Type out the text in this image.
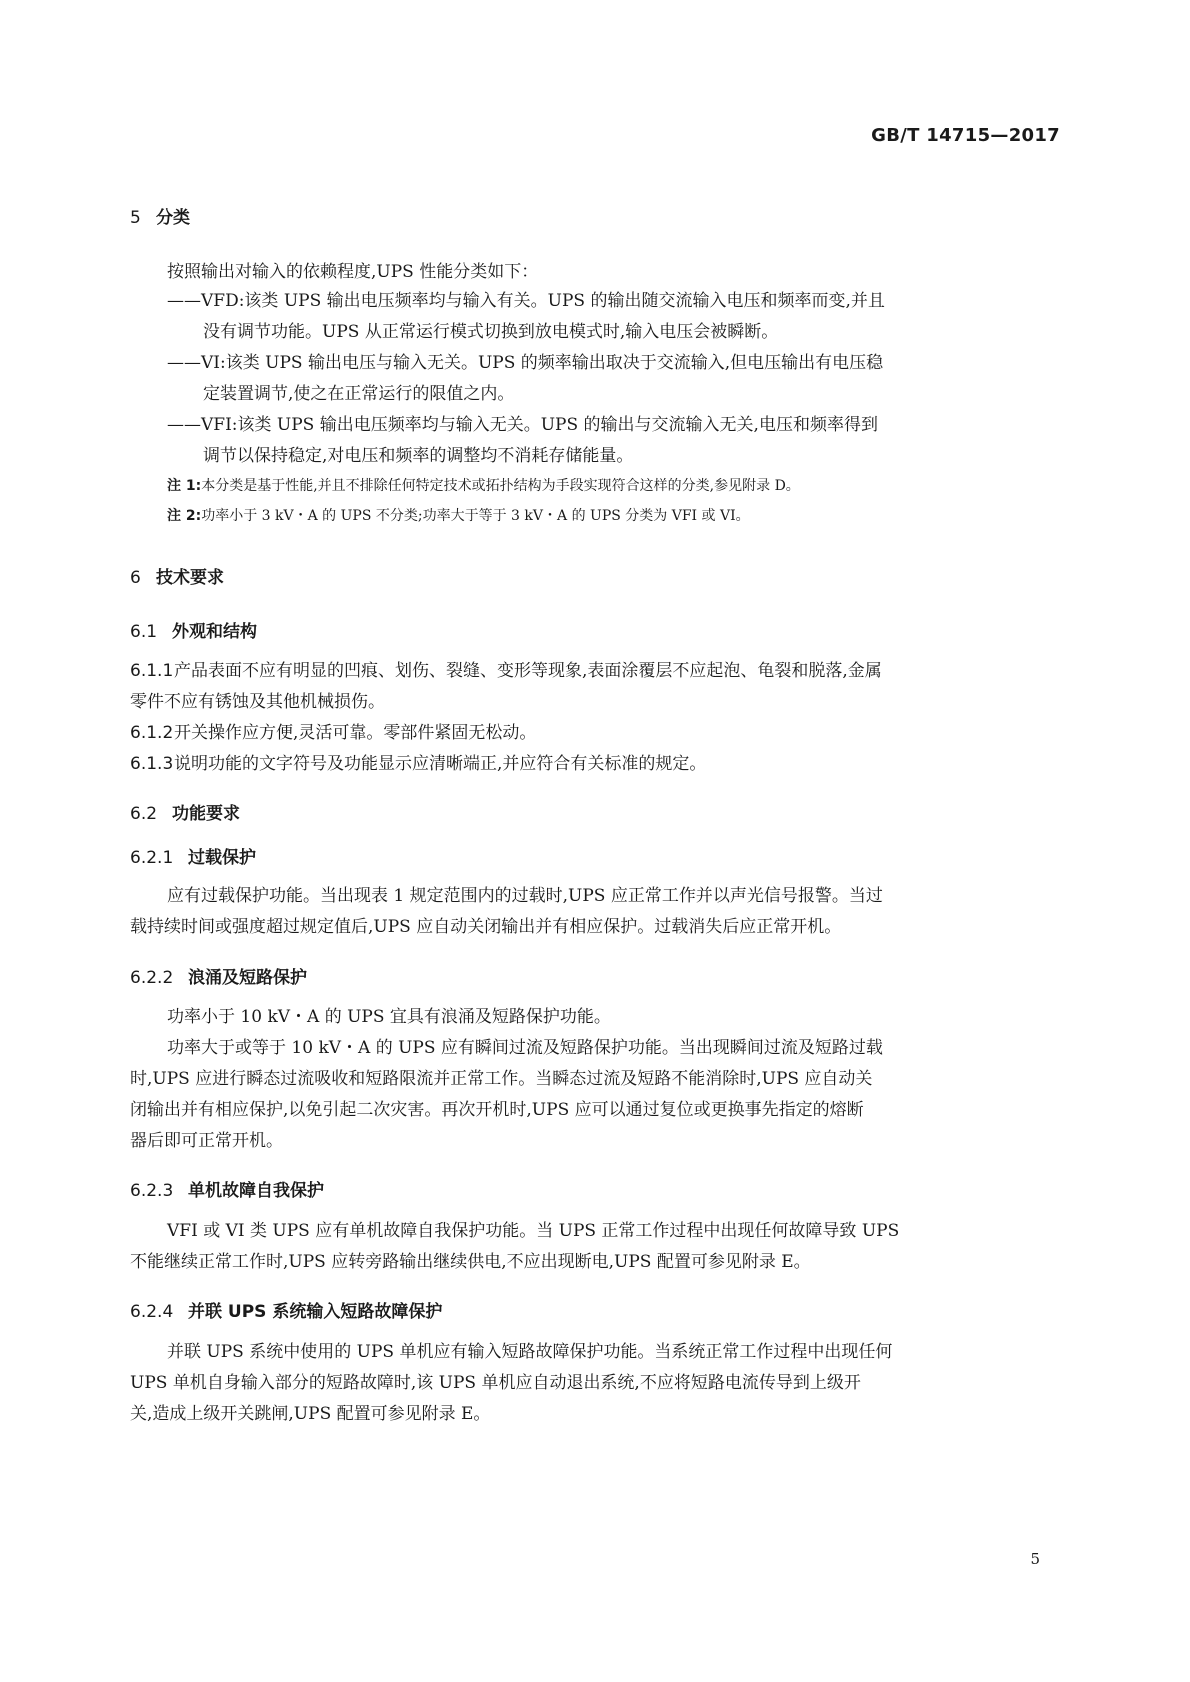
GB/T 14715—2017
5 分类
按照输出对输入的依赖程度,UPS 性能分类如下：
——VFD:该类 UPS 输出电压频率均与输入有关。UPS 的输出随交流输入电压和频率而变,并且
没有调节功能。UPS 从正常运行模式切换到放电模式时,输入电压会被瞬断。
——VI:该类 UPS 输出电压与输入无关。UPS 的频率输出取决于交流输入,但电压输出有电压稳
定装置调节,使之在正常运行的限值之内。
——VFI:该类 UPS 输出电压频率均与输入无关。UPS 的输出与交流输入无关,电压和频率得到
调节以保持稳定,对电压和频率的调整均不消耗存储能量。
注 1:本分类是基于性能,并且不排除任何特定技术或拓扑结构为手段实现符合这样的分类,参见附录 D。
注 2:功率小于 3 kV・A 的 UPS 不分类;功率大于等于 3 kV・A 的 UPS 分类为 VFI 或 VI。
6 技术要求
6.1 外观和结构
6.1.1产品表面不应有明显的凹痕、划伤、裂缝、变形等现象,表面涂覆层不应起泡、龟裂和脱落,金属
零件不应有锈蚀及其他机械损伤。
6.1.2开关操作应方便,灵活可靠。零部件紧固无松动。
6.1.3说明功能的文字符号及功能显示应清晰端正,并应符合有关标准的规定。
6.2 功能要求
6.2.1 过载保护
应有过载保护功能。当出现表 1 规定范围内的过载时,UPS 应正常工作并以声光信号报警。当过
载持续时间或强度超过规定值后,UPS 应自动关闭输出并有相应保护。过载消失后应正常开机。
6.2.2 浪涌及短路保护
功率小于 10 kV・A 的 UPS 宜具有浪涌及短路保护功能。
功率大于或等于 10 kV・A 的 UPS 应有瞬间过流及短路保护功能。当出现瞬间过流及短路过载
时,UPS 应进行瞬态过流吸收和短路限流并正常工作。当瞬态过流及短路不能消除时,UPS 应自动关
闭输出并有相应保护,以免引起二次灾害。再次开机时,UPS 应可以通过复位或更换事先指定的熔断
器后即可正常开机。
6.2.3 单机故障自我保护
VFI 或 VI 类 UPS 应有单机故障自我保护功能。当 UPS 正常工作过程中出现任何故障导致 UPS
不能继续正常工作时,UPS 应转旁路输出继续供电,不应出现断电,UPS 配置可参见附录 E。
6.2.4 并联 UPS 系统输入短路故障保护
并联 UPS 系统中使用的 UPS 单机应有输入短路故障保护功能。当系统正常工作过程中出现任何
UPS 单机自身输入部分的短路故障时,该 UPS 单机应自动退出系统,不应将短路电流传导到上级开
关,造成上级开关跳闸,UPS 配置可参见附录 E。
5
